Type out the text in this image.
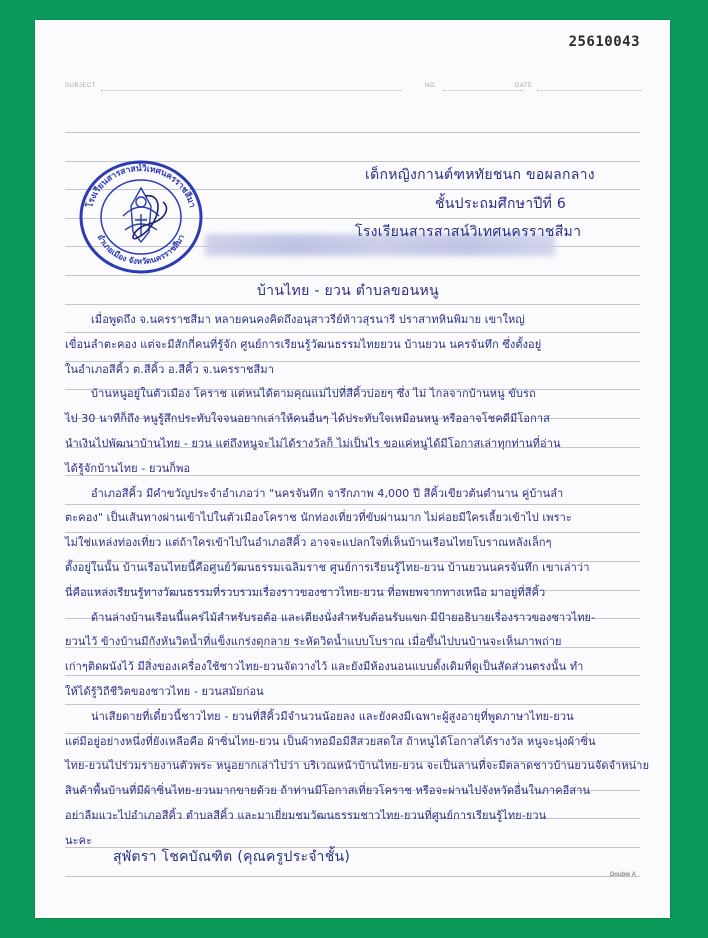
25610043
SUBJECT	NO.	DATE
โรงเรียนสารสาสน์วิเทศนครราชสีมา
อำเภอเมือง จังหวัดนครราชสีมา

เด็กหญิงกานต์ฑหทัยชนก ขอผลกลาง

ชั้นประถมศึกษาปีที่ 6

โรงเรียนสารสาสน์วิเทศนครราชสีมา

บ้านไทย - ยวน ตำบลขอนหนู

เมื่อพูดถึง จ.นครราชสีมา หลายคนคงคิดถึงอนุสาวรีย์ท้าวสุรนารี ปราสาทหินพิมาย เขาใหญ่

เขื่อนลำตะคอง แต่จะมีสักกี่คนที่รู้จัก ศูนย์การเรียนรู้วัฒนธรรมไทยยวน บ้านยวน นครจันทึก ซึ่งตั้งอยู่

ในอำเภอสีคิ้ว ต.สีคิ้ว อ.สีคิ้ว จ.นครราชสีมา

บ้านหนูอยู่ในตัวเมือง โคราช แต่หนได้ตามคุณแม่ไปที่สีคิ้วบ่อยๆ ซึ่ง ไม่ ไกลจากบ้านหนู ขับรถ

ไป 30 นาทีก็ถึง หนูรู้สึกประทับใจจนอยากเล่าให้คนอื่นๆ ได้ประทับใจเหมือนหนู หรืออาจโชคดีมีโอกาส

นำเงินไปพัฒนาบ้านไทย - ยวน แต่ถึงหนูจะไม่ได้รางวัลก็ ไม่เป็นไร ขอแค่หนูได้มีโอกาสเล่าทุกท่านที่อ่าน

ได้รู้จักบ้านไทย - ยวนก็พอ

อำเภอสีคิ้ว มีคำขวัญประจำอำเภอว่า "นครจันทึก จารึกภาพ 4,000 ปี สีคิ้วเขียวต้นตำนาน คู่บ้านลำ

ตะคอง" เป็นเส้นทางผ่านเข้าไปในตัวเมืองโคราช นักท่องเที่ยวที่ขับผ่านมาก ไม่ค่อยมีใครเลี้ยวเข้าไป เพราะ

ไม่ใช่แหล่งท่องเที่ยว แต่ถ้าใครเข้าไปในอำเภอสีคิ้ว อาจจะแปลกใจที่เห็นบ้านเรือนไทยโบราณหลังเล็กๆ

ตั้งอยู่ในนั้น บ้านเรือนไทยนี้คือศูนย์วัฒนธรรมเฉลิมราช ศูนย์การเรียนรู้ไทย-ยวน บ้านยวนนครจันทึก เขาเล่าว่า

นี่คือแหล่งเรียนรู้ทางวัฒนธรรมที่รวบรวมเรื่องราวของชาวไทย-ยวน ที่อพยพจากทางเหนือ มาอยู่ที่สีคิ้ว

ด้านล่างบ้านเรือนนี้แคร่ไม้สำหรับรอต้อ และเตียงนั่งสำหรับต้อนรับแขก มีป้ายอธิบายเรื่องราวของชาวไทย-

ยวนไว้ ข้างบ้านมีกังหันวิดน้ำที่แข็งแกร่งดุกลาย ระหัดวิดน้ำแบบโบราณ เมื่อขึ้นไปบนบ้านจะเห็นภาพถ่าย

เก่าๆติดผนังไว้ มีสิ่งของเครื่องใช้ชาวไทย-ยวนจัดวางไว้ และยังมีห้องนอนแบบดั้งเดิมที่ดูเป็นสัดส่วนตรงนั้น ทำ

ให้ได้รู้วิถีชีวิตของชาวไทย - ยวนสมัยก่อน

น่าเสียดายที่เดี๋ยวนี้ชาวไทย - ยวนที่สีคิ้วมีจำนวนน้อยลง และยังคงมีเฉพาะผู้สูงอายุที่พูดภาษาไทย-ยวน

แต่มีอยู่อย่างหนึ่งที่ยังเหลือคือ ผ้าซิ่นไทย-ยวน เป็นผ้าทอมือมีสีสวยสดใส ถ้าหนูได้โอกาสได้รางวัล หนูจะนุ่งผ้าซิ่น

ไทย-ยวนไปร่วมรายงานตัวพระ หนูอยากเล่าไปว่า บริเวณหน้าบ้านไทย-ยวน จะเป็นลานที่จะมีตลาดชาวบ้านยวนจัดจำหน่าย

สินค้าพื้นบ้านที่มีผ้าซิ่นไทย-ยวนมากขายด้วย ถ้าท่านมีโอกาสเที่ยวโคราช หรือจะผ่านไปจังหวัดอื่นในภาคอีสาน

อย่าลืมแวะไปอำเภอสีคิ้ว ตำบลสีคิ้ว และมาเยี่ยมชมวัฒนธรรมชาวไทย-ยวนที่ศูนย์การเรียนรู้ไทย-ยวน

นะคะ

สุพัตรา โชคบัณฑิต (คุณครูประจำชั้น)

Double A
